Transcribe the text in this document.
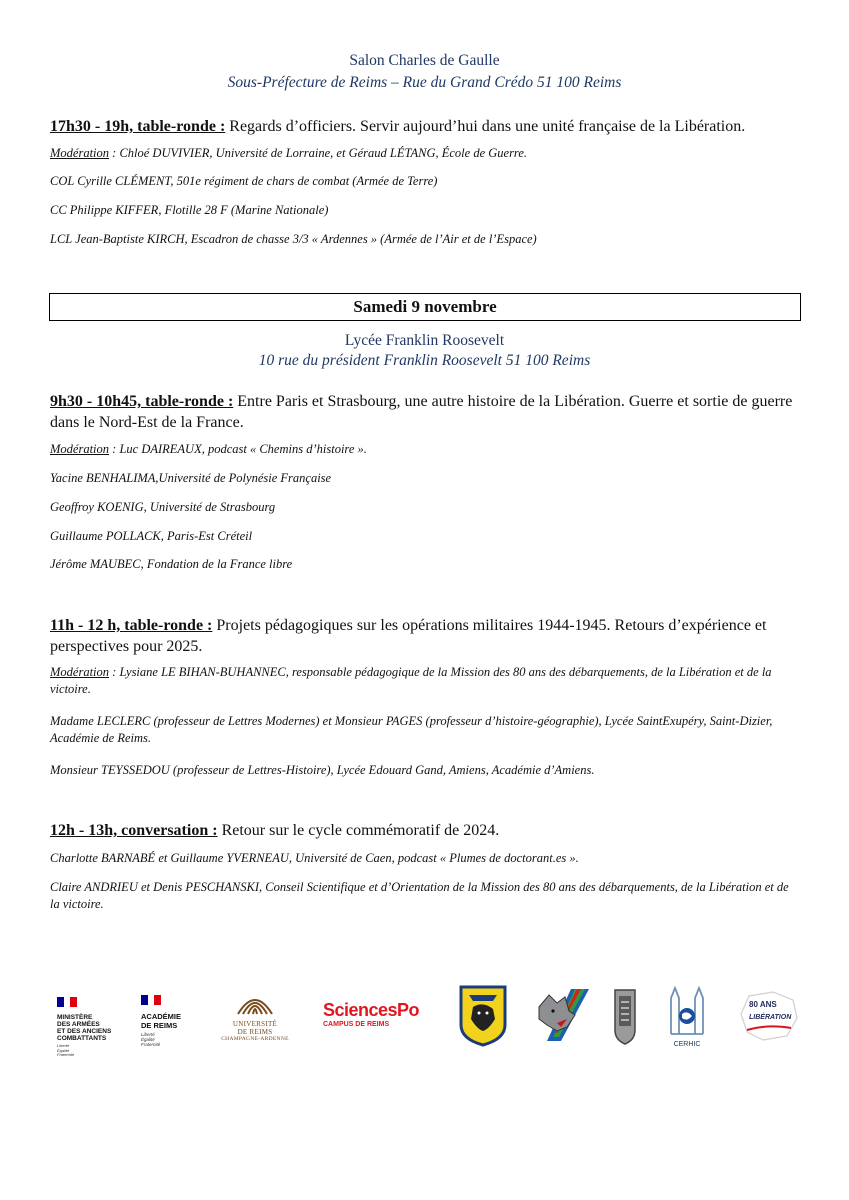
Salon Charles de Gaulle
Sous-Préfecture de Reims – Rue du Grand Crédo 51 100 Reims
17h30 - 19h, table-ronde : Regards d’officiers. Servir aujourd’hui dans une unité française de la Libération.
Modération : Chloé DUVIVIER, Université de Lorraine, et Géraud LÉTANG, École de Guerre.
COL Cyrille CLÉMENT, 501e régiment de chars de combat (Armée de Terre)
CC Philippe KIFFER, Flotille 28 F (Marine Nationale)
LCL Jean-Baptiste KIRCH, Escadron de chasse 3/3 « Ardennes » (Armée de l’Air et de l’Espace)
Samedi 9 novembre
Lycée Franklin Roosevelt
10 rue du président Franklin Roosevelt 51 100 Reims
9h30 - 10h45, table-ronde : Entre Paris et Strasbourg, une autre histoire de la Libération. Guerre et sortie de guerre dans le Nord-Est de la France.
Modération : Luc DAIREAUX, podcast « Chemins d’histoire ».
Yacine BENHALIMA,Université de Polynésie Française
Geoffroy KOENIG, Université de Strasbourg
Guillaume POLLACK, Paris-Est Créteil
Jérôme MAUBEC, Fondation de la France libre
11h - 12 h, table-ronde : Projets pédagogiques sur les opérations militaires 1944-1945. Retours d’expérience et perspectives pour 2025.
Modération : Lysiane LE BIHAN-BUHANNEC, responsable pédagogique de la Mission des 80 ans des débarquements, de la Libération et de la victoire.
Madame LECLERC (professeur de Lettres Modernes) et Monsieur PAGES (professeur d’histoire-géographie), Lycée SaintExupéry, Saint-Dizier, Académie de Reims.
Monsieur TEYSSEDOU (professeur de Lettres-Histoire), Lycée Edouard Gand, Amiens, Académie d’Amiens.
12h - 13h, conversation : Retour sur le cycle commémoratif de 2024.
Charlotte BARNABÉ et Guillaume YVERNEAU, Université de Caen, podcast « Plumes de doctorant.es ».
Claire ANDRIEU et Denis PESCHANSKI, Conseil Scientifique et d’Orientation de la Mission des 80 ans des débarquements, de la Libération et de la victoire.
MINISTÈRE
DES ARMÉES
ET DES ANCIENS
COMBATTANTS
Liberté
Égalité
Fraternité
ACADÉMIE
DE REIMS
Liberté
Égalité
Fraternité
UNIVERSITÉ
DE REIMS
CHAMPAGNE-ARDENNE
SciencesPo
CAMPUS DE REIMS
CERHIC
80 ANS
LIBÉRATION
